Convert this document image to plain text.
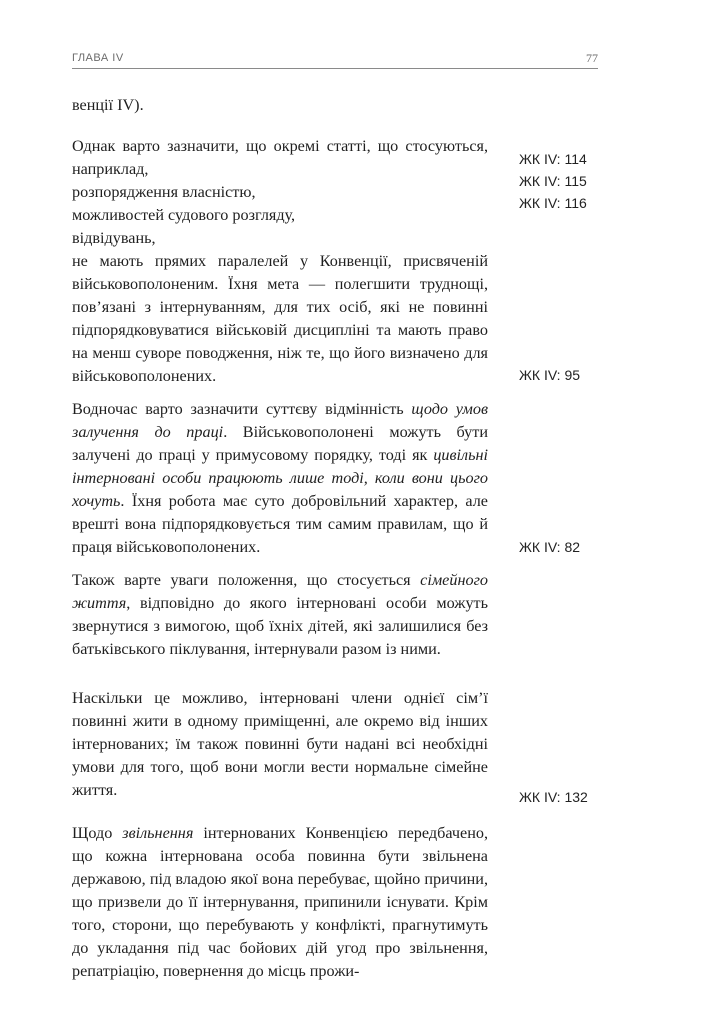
ГЛАВА IV	77
венції IV).
Однак варто зазначити, що окремі статті, що стосуються, наприклад,
розпорядження власністю,
можливостей судового розгляду,
відвідувань,
не мають прямих паралелей у Конвенції, присвяченій військовополоненим. Їхня мета — полегшити труднощі, пов’язані з інтернуванням, для тих осіб, які не повинні підпорядковуватися військовій дисципліні та мають право на менш суворе поводження, ніж те, що його визначено для військовополонених.
Водночас варто зазначити суттєву відмінність щодо умов залучення до праці. Військовополонені можуть бути залучені до праці у примусовому порядку, тоді як цивільні інтерновані особи працюють лише тоді, коли вони цього хочуть. Їхня робота має суто добровільний характер, але врешті вона підпорядковується тим самим правилам, що й праця військовополонених.
Також варте уваги положення, що стосується сімейного життя, відповідно до якого інтерновані особи можуть звернутися з вимогою, щоб їхніх дітей, які залишилися без батьківського піклування, інтернували разом із ними.
Наскільки це можливо, інтерновані члени однієї сім’ї повинні жити в одному приміщенні, але окремо від інших інтернованих; їм також повинні бути надані всі необхідні умови для того, щоб вони могли вести нормальне сімейне життя.
Щодо звільнення інтернованих Конвенцією передбачено, що кожна інтернована особа повинна бути звільнена державою, під владою якої вона перебуває, щойно причини, що призвели до її інтернування, припинили існувати. Крім того, сторони, що перебувають у конфлікті, прагнутимуть до укладання під час бойових дій угод про звільнення, репатріацію, повернення до місць прожи-
ЖК IV: 114
ЖК IV: 115
ЖК IV: 116
ЖК IV: 95
ЖК IV: 82
ЖК IV: 132
